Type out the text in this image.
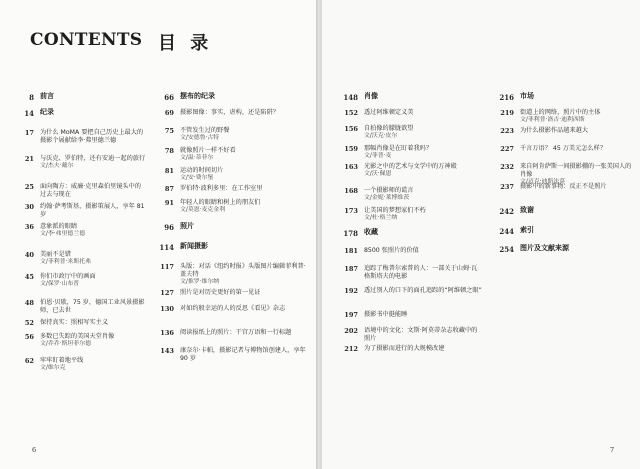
CONTENTS 目 录
8 前言
14 纪录
17 为什么 MoMA 要把自己历史上最大的摄影个展献给李·弗里德兰德
21 与沃克、罗伯特，还有安迪一起的旅行
文/杰夫·戴尔
25 面向陶方：威廉·克里森伯里镜头中的过去与现在
30 约翰·萨考斯基，摄影策展人，享年 81 岁
36 意象派的眼睛
文/李·弗里德兰德
40 美丽不是错
文/菲利普·米斯托弗
45 你们市政厅中的画面
文/保罗·山布普
48 伯恩·贝歇，75 岁，德国工业风景摄影师，已去世
52 保持真实：照相写实主义
56 多数已失踪的美国天堂肖像
文/乔乔·斯坦菲尔德
62 牢牢盯着地平线
文/维尔克
66 摆布的纪录
69 摄影图像：事实，虐构，还是陷阱？
75 不管发生过的野餐
文/安德鲁·古特
78 就像照片一样不好看
文/温·蒂菲尔
81 运动的时间切片
文/安·费尔堡
87 罗伯特·波利多里：在工作室里
91 年轻人的眼睛和树上的朋友们
文/莫恩·麦克金利
96 照片
114 新闻摄影
117 头版：对话《纽约时报》头版图片编辑菲利普·盖夫特
文/推罗·维尔纳
127 照片是对历史更好的第一见证
130 对如约般幸运的人的反思《看见》杂志
136 阅读报纸上的照片：干宫万语和一行标题
143 康奈尔·卡帕，摄影记者与博物馆创建人，享年 90 岁
6
148 肖像
152 透过阿维顿定义美
156 自拍像的朦胧欲望
文/沃克·皮尔
159 那幅肖像是在盯着我吗？
文/菲普·麦
163 光影之中的艺术与文学中的万神殿
文/沃·佩恩
168 一个摄影师的谎言
文/金妮·莱博维茨
173 让美国的梦想家们不朽
文/杜·格兰纳
178 收藏
181 8500 张照片的价值
187 追踪了梅普尔索普的人：一部关于山姆·瓦格斯塔夫的电影
192 透过别人的口下的面孔追踪的“阿维顿之眼”
197 摄影书中挺能睡
202 语境中的文化：文斯·阿莫蒂杂志收藏中的照片
212 为了摄影而进行的大规模改建
216 市场
219 街道上的网络，照片中的主体
文/菲利普·洛吉·迪利西斯
223 为什么摄影作品越来越大
227 千言万语？ 45 万美元怎么样？
232 来自阿肯萨斯一间摄影棚的一张美国人的肖像
文/迈克·迪斯法莫
237 摄影中的新事物：反正不是照片
242 致谢
244 索引
254 图片及文献来源
7
